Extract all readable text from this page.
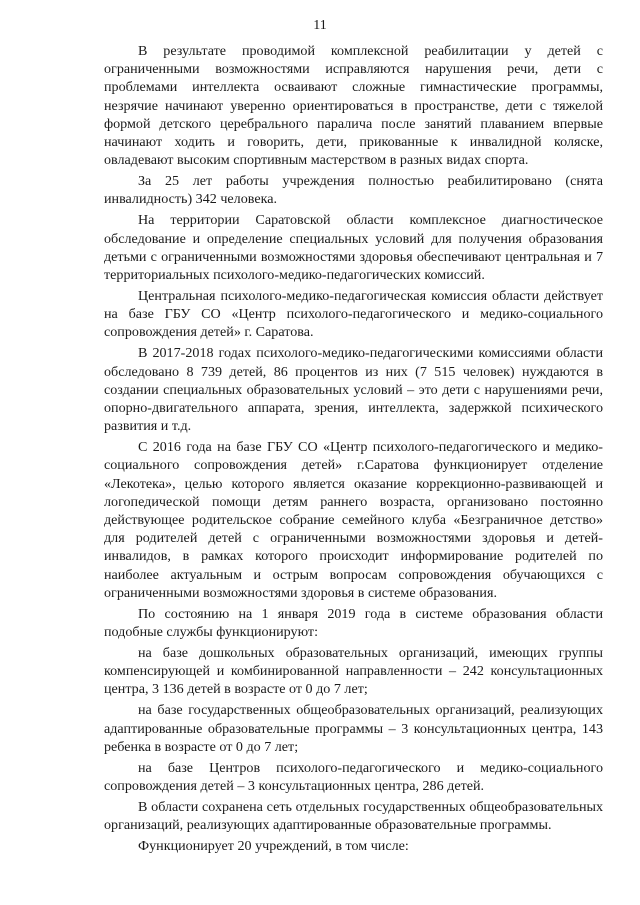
11

В результате проводимой комплексной реабилитации у детей с ограниченными возможностями исправляются нарушения речи, дети с проблемами интеллекта осваивают сложные гимнастические программы, незрячие начинают уверенно ориентироваться в пространстве, дети с тяжелой формой детского церебрального паралича после занятий плаванием впервые начинают ходить и говорить, дети, прикованные к инвалидной коляске, овладевают высоким спортивным мастерством в разных видах спорта.

За 25 лет работы учреждения полностью реабилитировано (снята инвалидность) 342 человека.

На территории Саратовской области комплексное диагностическое обследование и определение специальных условий для получения образования детьми с ограниченными возможностями здоровья обеспечивают центральная и 7 территориальных психолого-медико-педагогических комиссий.

Центральная психолого-медико-педагогическая комиссия области действует на базе ГБУ СО «Центр психолого-педагогического и медико-социального сопровождения детей» г. Саратова.

В 2017-2018 годах психолого-медико-педагогическими комиссиями области обследовано 8 739 детей, 86 процентов из них (7 515 человек) нуждаются в создании специальных образовательных условий – это дети с нарушениями речи, опорно-двигательного аппарата, зрения, интеллекта, задержкой психического развития и т.д.

С 2016 года на базе ГБУ СО «Центр психолого-педагогического и медико-социального сопровождения детей» г.Саратова функционирует отделение «Лекотека», целью которого является оказание коррекционно-развивающей и логопедической помощи детям раннего возраста, организовано постоянно действующее родительское собрание семейного клуба «Безграничное детство» для родителей детей с ограниченными возможностями здоровья и детей-инвалидов, в рамках которого происходит информирование родителей по наиболее актуальным и острым вопросам сопровождения обучающихся с ограниченными возможностями здоровья в системе образования.

По состоянию на 1 января 2019 года в системе образования области подобные службы функционируют:

на базе дошкольных образовательных организаций, имеющих группы компенсирующей и комбинированной направленности – 242 консультационных центра, 3 136 детей в возрасте от 0 до 7 лет;

на базе государственных общеобразовательных организаций, реализующих адаптированные образовательные программы – 3 консультационных центра, 143 ребенка в возрасте от 0 до 7 лет;

на базе Центров психолого-педагогического и медико-социального сопровождения детей – 3 консультационных центра, 286 детей.

В области сохранена сеть отдельных государственных общеобразовательных организаций, реализующих адаптированные образовательные программы.

Функционирует 20 учреждений, в том числе:
